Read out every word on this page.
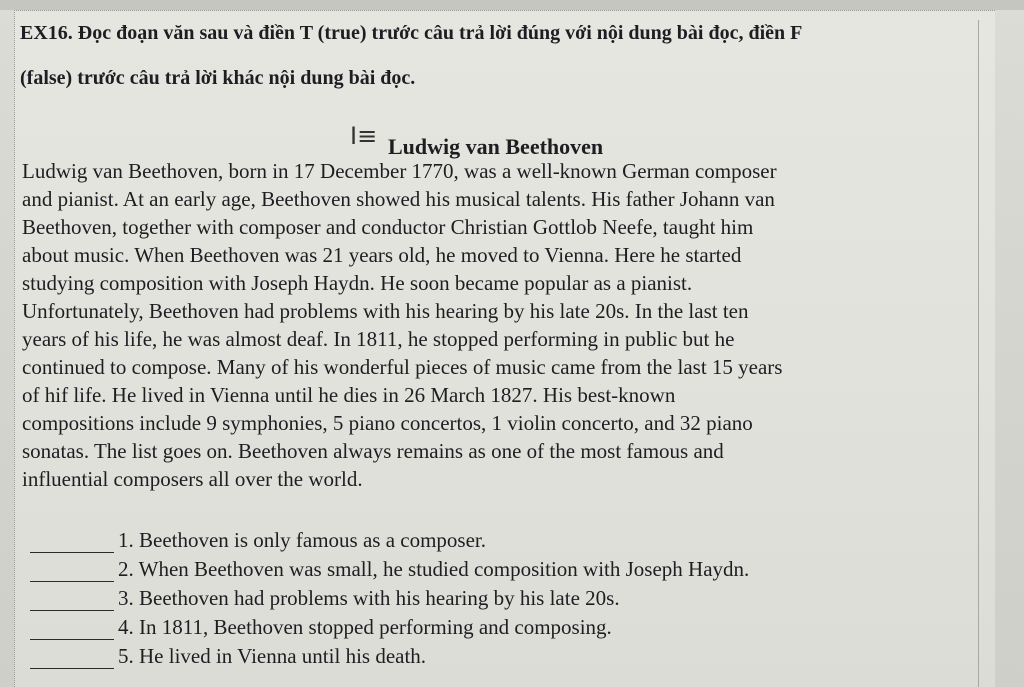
EX16. Đọc đoạn văn sau và điền T (true) trước câu trả lời đúng với nội dung bài đọc, điền F
(false) trước câu trả lời khác nội dung bài đọc.

I≡ Ludwig van Beethoven
Ludwig van Beethoven, born in 17 December 1770, was a well-known German composer
and pianist. At an early age, Beethoven showed his musical talents. His father Johann van
Beethoven, together with composer and conductor Christian Gottlob Neefe, taught him
about music. When Beethoven was 21 years old, he moved to Vienna. Here he started
studying composition with Joseph Haydn. He soon became popular as a pianist.
Unfortunately, Beethoven had problems with his hearing by his late 20s. In the last ten
years of his life, he was almost deaf. In 1811, he stopped performing in public but he
continued to compose. Many of his wonderful pieces of music came from the last 15 years
of hif life. He lived in Vienna until he dies in 26 March 1827. His best-known
compositions include 9 symphonies, 5 piano concertos, 1 violin concerto, and 32 piano
sonatas. The list goes on. Beethoven always remains as one of the most famous and
influential composers all over the world.
1. Beethoven is only famous as a composer.
2. When Beethoven was small, he studied composition with Joseph Haydn.
3. Beethoven had problems with his hearing by his late 20s.
4. In 1811, Beethoven stopped performing and composing.
5. He lived in Vienna until his death.
